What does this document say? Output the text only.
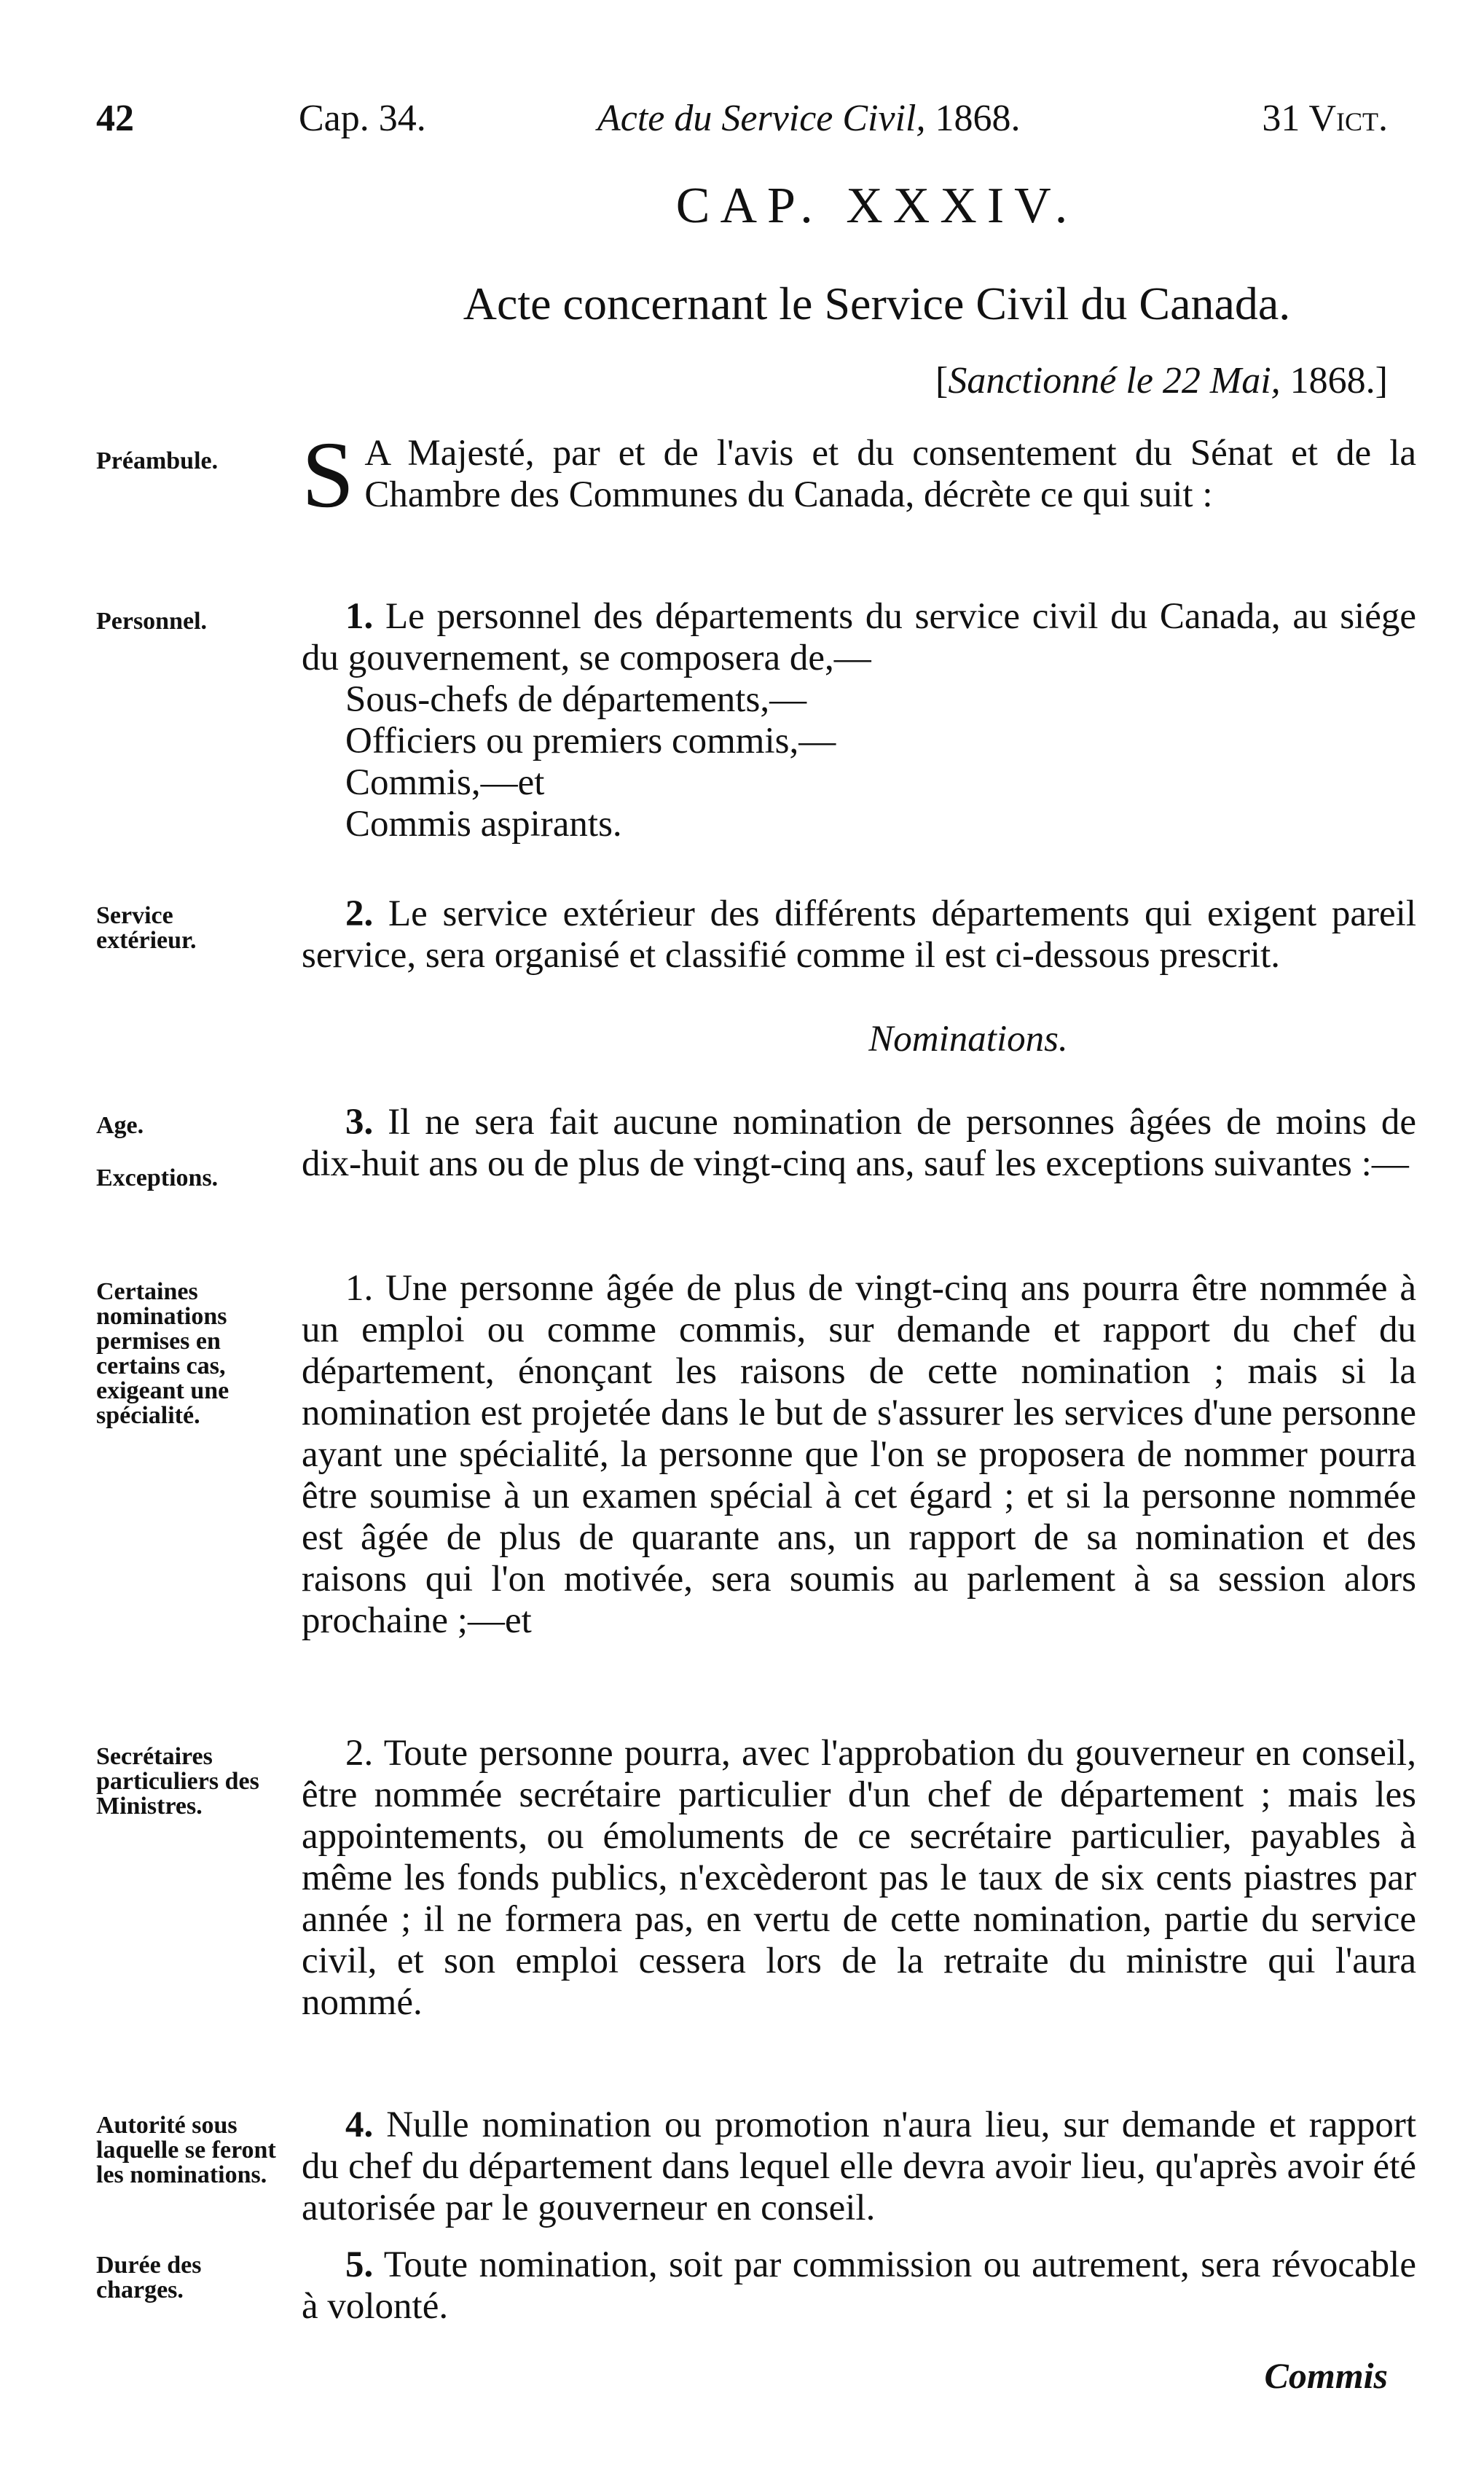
42	Cap. 34.	Acte du Service Civil, 1868.	31 Vict.
CAP. XXXIV.
Acte concernant le Service Civil du Canada.
[Sanctionné le 22 Mai, 1868.]
Préambule. S A Majesté, par et de l'avis et du consentement du Sénat et de la Chambre des Communes du Canada, décrète ce qui suit :
Personnel.	1. Le personnel des départements du service civil du Canada, au siége du gouvernement, se composera de,—
Sous-chefs de départements,—
Officiers ou premiers commis,—
Commis,—et
Commis aspirants.
Service extérieur.
2. Le service extérieur des différents départements qui exigent pareil service, sera organisé et classifié comme il est ci-dessous prescrit.
Nominations.
Age.
Exceptions.
3. Il ne sera fait aucune nomination de personnes âgées de moins de dix-huit ans ou de plus de vingt-cinq ans, sauf les exceptions suivantes :—
Certaines nominations permises en certains cas, exigeant une spécialité.
1. Une personne âgée de plus de vingt-cinq ans pourra être nommée à un emploi ou comme commis, sur demande et rapport du chef du département, énonçant les raisons de cette nomination ; mais si la nomination est projetée dans le but de s'assurer les services d'une personne ayant une spécialité, la personne que l'on se proposera de nommer pourra être soumise à un examen spécial à cet égard ; et si la personne nommée est âgée de plus de quarante ans, un rapport de sa nomination et des raisons qui l'on motivée, sera soumis au parlement à sa session alors prochaine ;—et
Secrétaires particuliers des Ministres.
2. Toute personne pourra, avec l'approbation du gouverneur en conseil, être nommée secrétaire particulier d'un chef de département ; mais les appointements, ou émoluments de ce secrétaire particulier, payables à même les fonds publics, n'excèderont pas le taux de six cents piastres par année ; il ne formera pas, en vertu de cette nomination, partie du service civil, et son emploi cessera lors de la retraite du ministre qui l'aura nommé.
Autorité sous laquelle se feront les nominations.
4. Nulle nomination ou promotion n'aura lieu, sur demande et rapport du chef du département dans lequel elle devra avoir lieu, qu'après avoir été autorisée par le gouverneur en conseil.
Durée des charges.
5. Toute nomination, soit par commission ou autrement, sera révocable à volonté.
Commis
